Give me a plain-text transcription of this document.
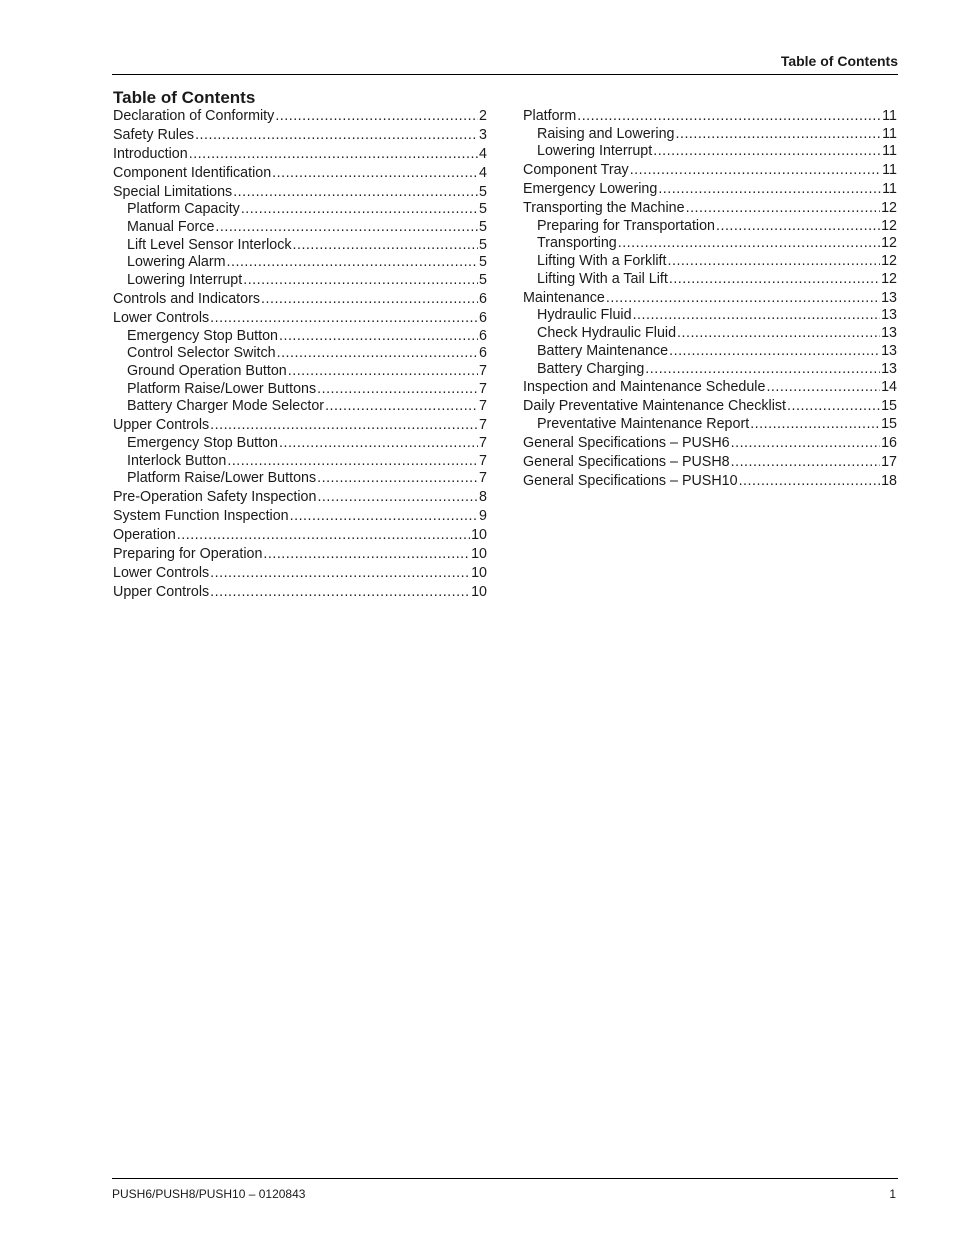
Table of Contents
Table of Contents
Declaration of Conformity .....	2
Safety Rules .....	3
Introduction .....	4
Component Identification .....	4
Special Limitations .....	5
Platform Capacity .....	5
Manual Force .....	5
Lift Level Sensor Interlock .....	5
Lowering Alarm .....	5
Lowering Interrupt .....	5
Controls and Indicators .....	6
Lower Controls .....	6
Emergency Stop Button .....	6
Control Selector Switch .....	6
Ground Operation Button .....	7
Platform Raise/Lower Buttons .....	7
Battery Charger Mode Selector .....	7
Upper Controls .....	7
Emergency Stop Button .....	7
Interlock Button .....	7
Platform Raise/Lower Buttons .....	7
Pre-Operation Safety Inspection .....	8
System Function Inspection .....	9
Operation .....	10
Preparing for Operation .....	10
Lower Controls .....	10
Upper Controls .....	10
Platform .....	11
Raising and Lowering .....	11
Lowering Interrupt .....	11
Component Tray .....	11
Emergency Lowering .....	11
Transporting the Machine .....	12
Preparing for Transportation .....	12
Transporting .....	12
Lifting With a Forklift .....	12
Lifting With a Tail Lift .....	12
Maintenance .....	13
Hydraulic Fluid .....	13
Check Hydraulic Fluid .....	13
Battery Maintenance .....	13
Battery Charging .....	13
Inspection and Maintenance Schedule .....	14
Daily Preventative Maintenance Checklist .....	15
Preventative Maintenance Report .....	15
General Specifications – PUSH6 .....	16
General Specifications – PUSH8 .....	17
General Specifications – PUSH10 .....	18
PUSH6/PUSH8/PUSH10 – 0120843	1
